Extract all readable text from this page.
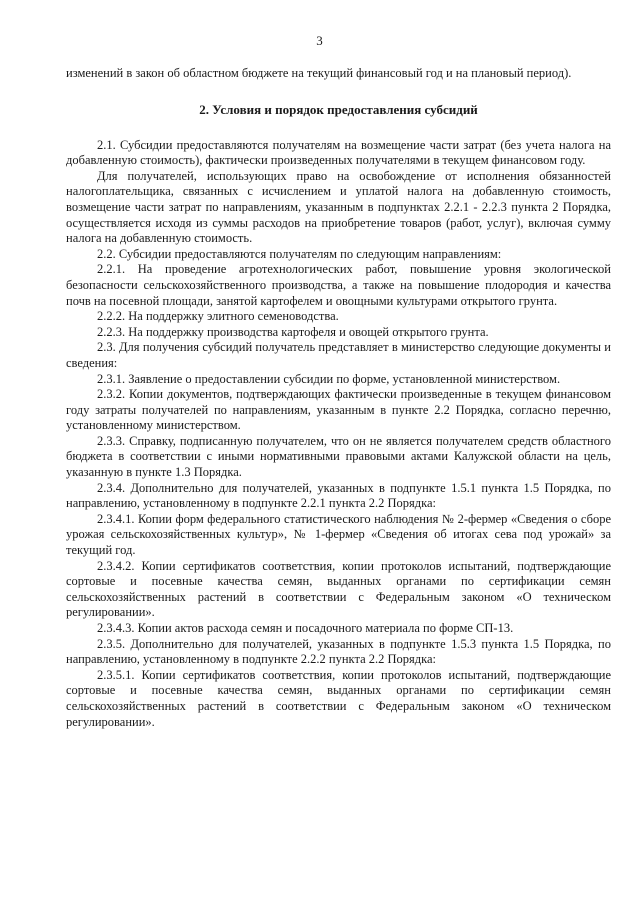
3

изменений в закон об областном бюджете на текущий финансовый год и на плановый период).

2. Условия и порядок предоставления субсидий

2.1. Субсидии предоставляются получателям на возмещение части затрат (без учета налога на добавленную стоимость), фактически произведенных получателями в текущем финансовом году.

Для получателей, использующих право на освобождение от исполнения обязанностей налогоплательщика, связанных с исчислением и уплатой налога на добавленную стоимость, возмещение части затрат по направлениям, указанным в подпунктах 2.2.1 - 2.2.3 пункта 2 Порядка, осуществляется исходя из суммы расходов на приобретение товаров (работ, услуг), включая сумму налога на добавленную стоимость.

2.2. Субсидии предоставляются получателям по следующим направлениям:

2.2.1. На проведение агротехнологических работ, повышение уровня экологической безопасности сельскохозяйственного производства, а также на повышение плодородия и качества почв на посевной площади, занятой картофелем и овощными культурами открытого грунта.

2.2.2. На поддержку элитного семеноводства.

2.2.3. На поддержку производства картофеля и овощей открытого грунта.

2.3. Для получения субсидий получатель представляет в министерство следующие документы и сведения:

2.3.1. Заявление о предоставлении субсидии по форме, установленной министерством.

2.3.2. Копии документов, подтверждающих фактически произведенные в текущем финансовом году затраты получателей по направлениям, указанным в пункте 2.2 Порядка, согласно перечню, установленному министерством.

2.3.3. Справку, подписанную получателем, что он не является получателем средств областного бюджета в соответствии с иными нормативными правовыми актами Калужской области на цель, указанную в пункте 1.3 Порядка.

2.3.4. Дополнительно для получателей, указанных в подпункте 1.5.1 пункта 1.5 Порядка, по направлению, установленному в подпункте 2.2.1 пункта 2.2 Порядка:

2.3.4.1. Копии форм федерального статистического наблюдения № 2-фермер «Сведения о сборе урожая сельскохозяйственных культур», № 1-фермер «Сведения об итогах сева под урожай» за текущий год.

2.3.4.2. Копии сертификатов соответствия, копии протоколов испытаний, подтверждающие сортовые и посевные качества семян, выданных органами по сертификации семян сельскохозяйственных растений в соответствии с Федеральным законом «О техническом регулировании».

2.3.4.3. Копии актов расхода семян и посадочного материала по форме СП-13.

2.3.5. Дополнительно для получателей, указанных в подпункте 1.5.3 пункта 1.5 Порядка, по направлению, установленному в подпункте 2.2.2 пункта 2.2 Порядка:

2.3.5.1. Копии сертификатов соответствия, копии протоколов испытаний, подтверждающие сортовые и посевные качества семян, выданных органами по сертификации семян сельскохозяйственных растений в соответствии с Федеральным законом «О техническом регулировании».
